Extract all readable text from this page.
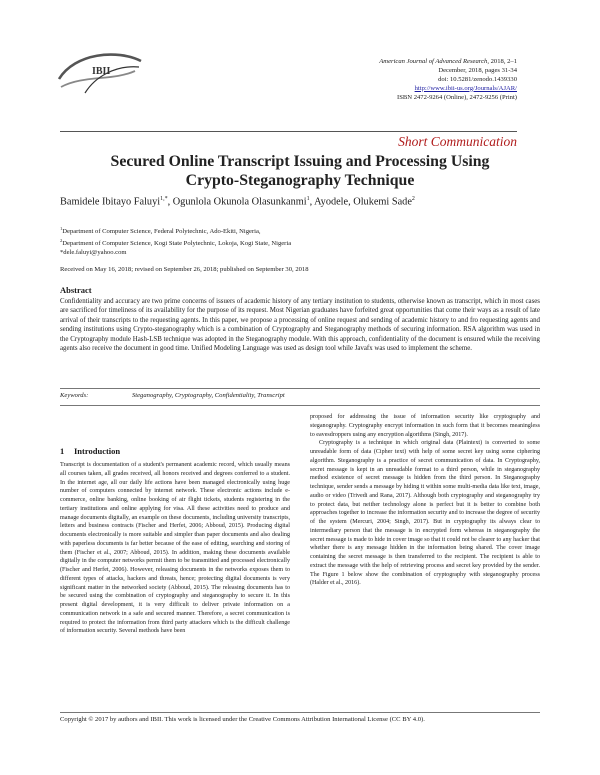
IBII
American Journal of Advanced Research, 2018, 2–1
December, 2018, pages 31-34
doi: 10.5281/zenodo.1439330
http://www.ibii-us.org/Journals/AJAR/
ISBN 2472-9264 (Online), 2472-9256 (Print)
Short Communication
Secured Online Transcript Issuing and Processing Using
Crypto-Steganography Technique
Bamidele Ibitayo Faluyi$^{1,*}$, Ogunlola Okunola Olasunkanmi$^1$, Ayodele, Olukemi Sade$^2$
$^1$Department of Computer Science, Federal Polytechnic, Ado-Ekiti, Nigeria,
$^2$Department of Computer Science, Kogi State Polytechnic, Lokoja, Kogi State, Nigeria
*dele.faluyi@yahoo.com
Received on May 16, 2018; revised on September 26, 2018; published on September 30, 2018
Abstract
Confidentiality and accuracy are two prime concerns of issuers of academic history of any tertiary institution to students, otherwise known as transcript, which in most cases are sacrificed for timeliness of its availability for the purpose of its request. Most Nigerian graduates have forfeited great opportunities that come their ways as a result of late arrival of their transcripts to the requesting agents. In this paper, we propose a processing of online request and sending of academic history to and fro requesting agents and sending institutions using Crypto-steganography which is a combination of Cryptography and Steganography methods of securing information. RSA algorithm was used in the Cryptography module Hash-LSB technique was adopted in the Steganography module. With this approach, confidentiality of the document is ensured while the receiving agents also receive the document in good time. Unified Modeling Language was used as design tool while Javafx was used to implement the scheme.
Keywords:	Steganography, Cryptography, Confidentiality, Transcript
1 Introduction

Transcript is documentation of a student's permanent academic record, which usually means all courses taken, all grades received, all honors received and degrees conferred to a student. In the internet age, all our daily life actions have been managed electronically using huge number of computers connected by internet network. These electronic actions include e-commerce, online banking, online booking of air flight tickets, students registering in the tertiary institutions and online applying for visa. All these activities need to produce and manage documents digitally, an example on these documents, including university transcripts, letters and business contracts (Fischer and Herfet, 2006; Abboud, 2015). Producing digital documents electronically is more suitable and simpler than paper documents and also dealing with paperless documents is far better because of the ease of editing, searching and storing of them (Fischer et al., 2007; Abboud, 2015). In addition, making these documents available digitally in the computer networks permit them to be transmitted and processed electronically (Fischer and Herfet, 2006). However, releasing documents in the networks exposes them to different types of attacks, hackers and threats, hence; protecting digital documents is very significant matter in the networked society (Abboud, 2015). The releasing documents has to be secured using the combination of cryptography and steganography to secure it. In this present digital development, it is very difficult to deliver private information on a communication network in a safe and secured manner. Therefore, a secret communication is required to protect the information from third party attackers which is the difficult challenge of information security. Several methods have been

proposed for addressing the issue of information security like cryptography and steganography. Cryptography encrypt information in such form that it becomes meaningless to eavesdroppers using any encryption algorithms (Singh, 2017).

Cryptography is a technique in which original data (Plaintext) is converted to some unreadable form of data (Cipher text) with help of some secret key using some ciphering algorithm. Steganography is a practice of secret communication of data. In Cryptography, secret message is kept in an unreadable format to a third person, while in steganography method existence of secret message is hidden from the third person. In Steganography technique, sender sends a message by hiding it within some multi-media data like text, image, audio or video (Trivedi and Rana, 2017). Although both cryptography and steganography try to protect data, but neither technology alone is perfect but it is better to combine both approaches together to increase the information security and to increase the degree of security of the system (Mercuri, 2004; Singh, 2017). But in cryptography its always clear to intermediary person that the message is in encrypted form whereas in steganography the secret message is made to hide in cover image so that it could not be clearer to any hacker that whether there is any message hidden in the information being shared. The cover image containing the secret message is then transferred to the recipient. The recipient is able to extract the message with the help of retrieving process and secret key provided by the sender. The Figure 1 below show the combination of cryptography with steganography process (Halder et al., 2016).

Copyright © 2017 by authors and IBII. This work is licensed under the Creative Commons Attribution International License (CC BY 4.0).
